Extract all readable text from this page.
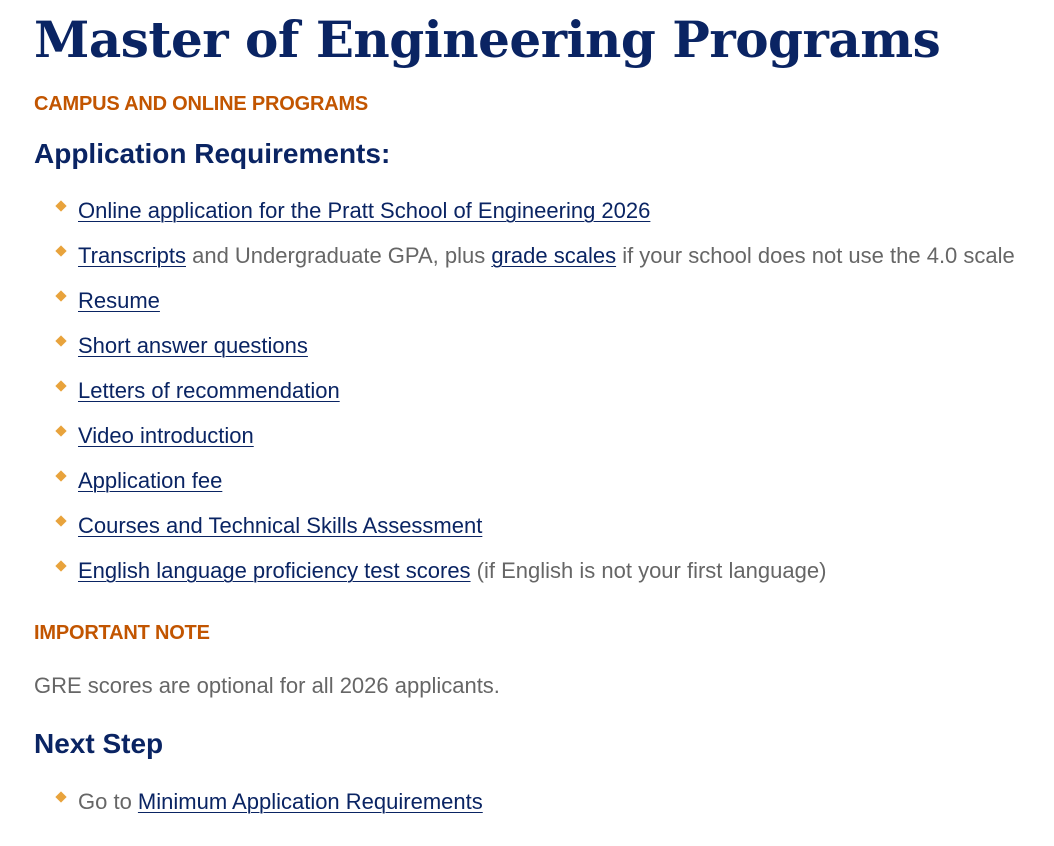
Master of Engineering Programs
CAMPUS AND ONLINE PROGRAMS
Application Requirements:
Online application for the Pratt School of Engineering 2026
Transcripts and Undergraduate GPA, plus grade scales if your school does not use the 4.0 scale
Resume
Short answer questions
Letters of recommendation
Video introduction
Application fee
Courses and Technical Skills Assessment
English language proficiency test scores (if English is not your first language)
IMPORTANT NOTE

GRE scores are optional for all 2026 applicants.

Next Step
Go to Minimum Application Requirements
